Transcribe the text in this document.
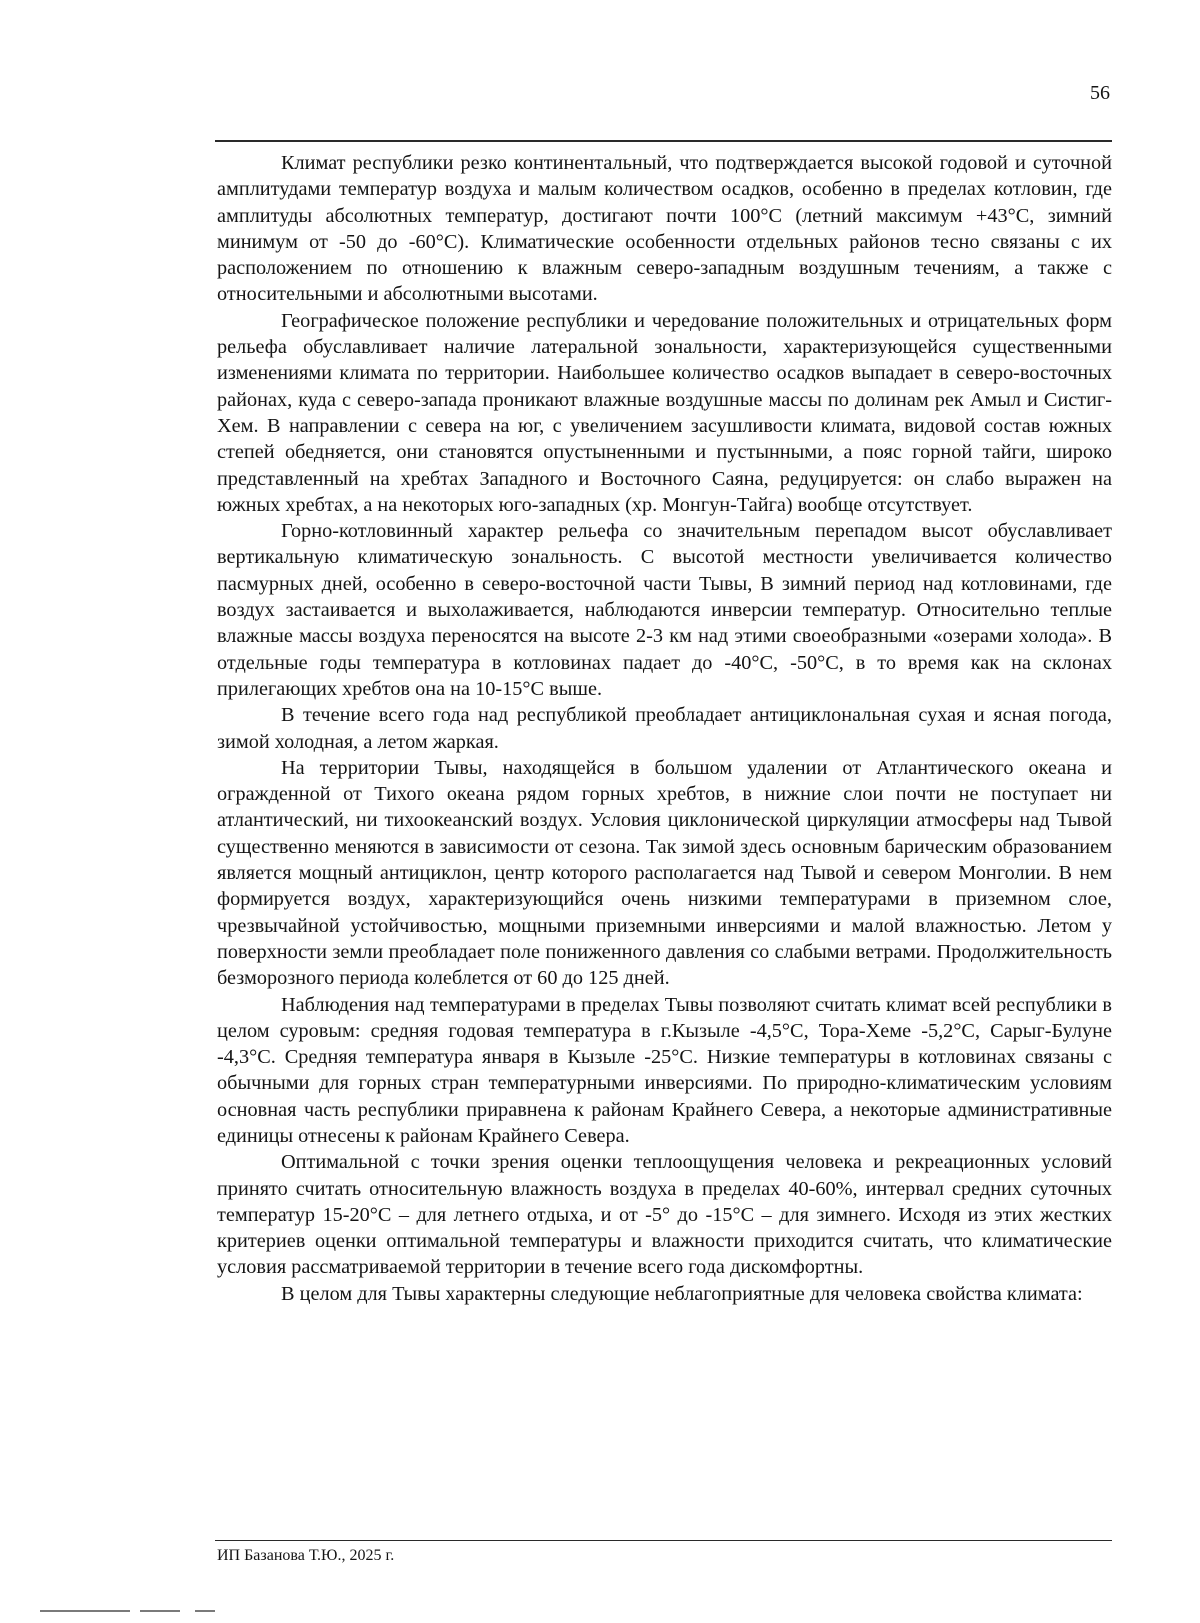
56

Климат республики резко континентальный, что подтверждается высокой годовой и суточной амплитудами температур воздуха и малым количеством осадков, особенно в пределах котловин, где амплитуды абсолютных температур, достигают почти 100°С (летний максимум +43°С, зимний минимум от -50 до -60°С). Климатические особенности отдельных районов тесно связаны с их расположением по отношению к влажным северо-западным воздушным течениям, а также с относительными и абсолютными высотами.

Географическое положение республики и чередование положительных и отрицательных форм рельефа обуславливает наличие латеральной зональности, характеризующейся существенными изменениями климата по территории. Наибольшее количество осадков выпадает в северо-восточных районах, куда с северо-запада проникают влажные воздушные массы по долинам рек Амыл и Систиг-Хем. В направлении с севера на юг, с увеличением засушливости климата, видовой состав южных степей обедняется, они становятся опустыненными и пустынными, а пояс горной тайги, широко представленный на хребтах Западного и Восточного Саяна, редуцируется: он слабо выражен на южных хребтах, а на некоторых юго-западных (хр. Монгун-Тайга) вообще отсутствует.

Горно-котловинный характер рельефа со значительным перепадом высот обуславливает вертикальную климатическую зональность. С высотой местности увеличивается количество пасмурных дней, особенно в северо-восточной части Тывы, В зимний период над котловинами, где воздух застаивается и выхолаживается, наблюдаются инверсии температур. Относительно теплые влажные массы воздуха переносятся на высоте 2-3 км над этими своеобразными «озерами холода». В отдельные годы температура в котловинах падает до -40°С, -50°С, в то время как на склонах прилегающих хребтов она на 10-15°С выше.

В течение всего года над республикой преобладает антициклональная сухая и ясная погода, зимой холодная, а летом жаркая.

На территории Тывы, находящейся в большом удалении от Атлантического океана и огражденной от Тихого океана рядом горных хребтов, в нижние слои почти не поступает ни атлантический, ни тихоокеанский воздух. Условия циклонической циркуляции атмосферы над Тывой существенно меняются в зависимости от сезона. Так зимой здесь основным барическим образованием является мощный антициклон, центр которого располагается над Тывой и севером Монголии. В нем формируется воздух, характеризующийся очень низкими температурами в приземном слое, чрезвычайной устойчивостью, мощными приземными инверсиями и малой влажностью. Летом у поверхности земли преобладает поле пониженного давления со слабыми ветрами. Продолжительность безморозного периода колеблется от 60 до 125 дней.

Наблюдения над температурами в пределах Тывы позволяют считать климат всей республики в целом суровым: средняя годовая температура в г.Кызыле -4,5°С, Тора-Хеме -5,2°С, Сарыг-Булуне -4,3°С. Средняя температура января в Кызыле -25°С. Низкие температуры в котловинах связаны с обычными для горных стран температурными инверсиями. По природно-климатическим условиям основная часть республики приравнена к районам Крайнего Севера, а некоторые административные единицы отнесены к районам Крайнего Севера.

Оптимальной с точки зрения оценки теплоощущения человека и рекреационных условий принято считать относительную влажность воздуха в пределах 40-60%, интервал средних суточных температур 15-20°С – для летнего отдыха, и от -5° до -15°С – для зимнего. Исходя из этих жестких критериев оценки оптимальной температуры и влажности приходится считать, что климатические условия рассматриваемой территории в течение всего года дискомфортны.

В целом для Тывы характерны следующие неблагоприятные для человека свойства климата:

ИП Базанова Т.Ю., 2025 г.
